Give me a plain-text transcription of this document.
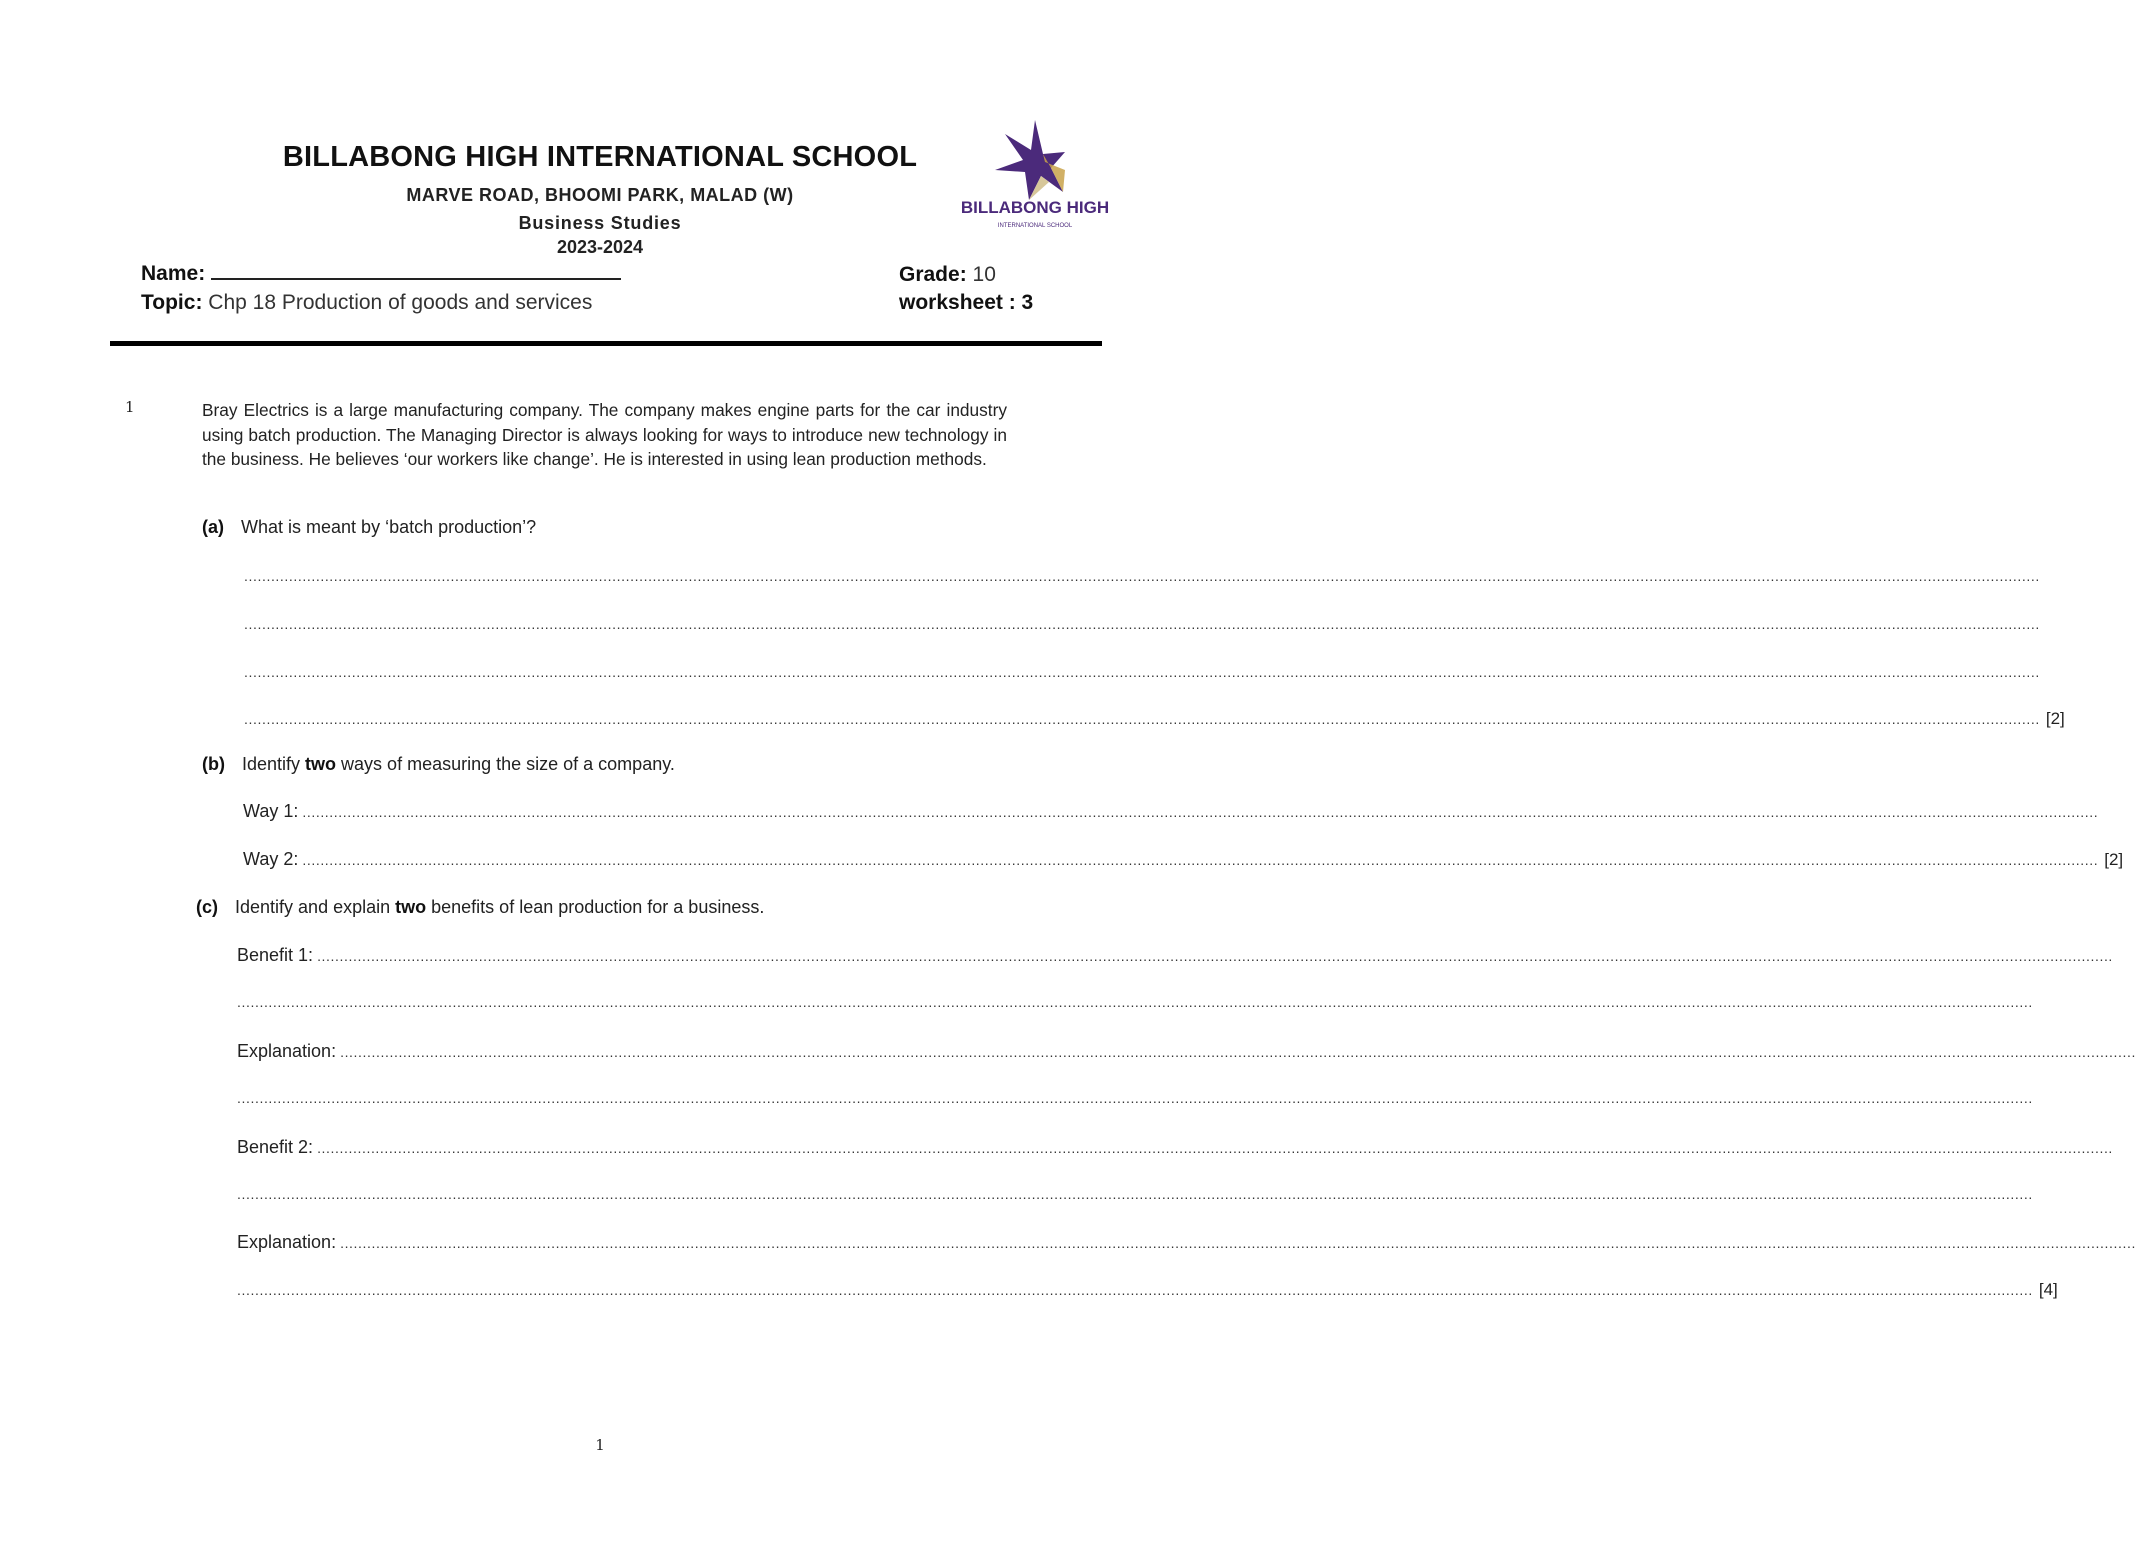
BILLABONG HIGH INTERNATIONAL SCHOOL
MARVE ROAD, BHOOMI PARK, MALAD (W)
Business Studies
2023-2024
BILLABONG HIGH
INTERNATIONAL SCHOOL
Name:	Grade: 10
Topic: Chp 18 Production of goods and services	worksheet : 3
1	Bray Electrics is a large manufacturing company. The company makes engine parts for the car industry using batch production. The Managing Director is always looking for ways to introduce new technology in the business. He believes ‘our workers like change’. He is interested in using lean production methods.
(a) What is meant by ‘batch production’?
................................................................................................................................................................................................................................................................................................................................................................................................................
................................................................................................................................................................................................................................................................................................................................................................................................................
................................................................................................................................................................................................................................................................................................................................................................................................................
................................................................................................................................................................................................................................................................................................................................................................................................................ [2]
(b) Identify two ways of measuring the size of a company.
Way 1: ................................................................................................................................................................................................................................................................................................................................................................................................................
Way 2: ................................................................................................................................................................................................................................................................................................................................................................................................................ [2]
(c) Identify and explain two benefits of lean production for a business.
Benefit 1: ................................................................................................................................................................................................................................................................................................................................................................................................................
................................................................................................................................................................................................................................................................................................................................................................................................................
Explanation: ................................................................................................................................................................................................................................................................................................................................................................................................................
................................................................................................................................................................................................................................................................................................................................................................................................................
Benefit 2: ................................................................................................................................................................................................................................................................................................................................................................................................................
................................................................................................................................................................................................................................................................................................................................................................................................................
Explanation: ................................................................................................................................................................................................................................................................................................................................................................................................................
................................................................................................................................................................................................................................................................................................................................................................................................................ [4]
1
